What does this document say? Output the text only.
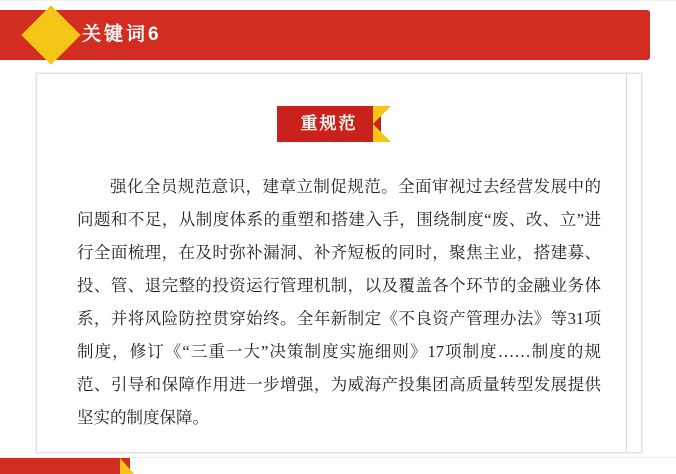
关键词6
重规范
强化全员规范意识，建章立制促规范。全面审视过去经营发展中的问题和不足，从制度体系的重塑和搭建入手，围绕制度“废、改、立”进行全面梳理，在及时弥补漏洞、补齐短板的同时，聚焦主业，搭建募、投、管、退完整的投资运行管理机制，以及覆盖各个环节的金融业务体系，并将风险防控贯穿始终。全年新制定《不良资产管理办法》等31项制度，修订《“三重一大”决策制度实施细则》17项制度……制度的规范、引导和保障作用进一步增强，为威海产投集团高质量转型发展提供坚实的制度保障。
